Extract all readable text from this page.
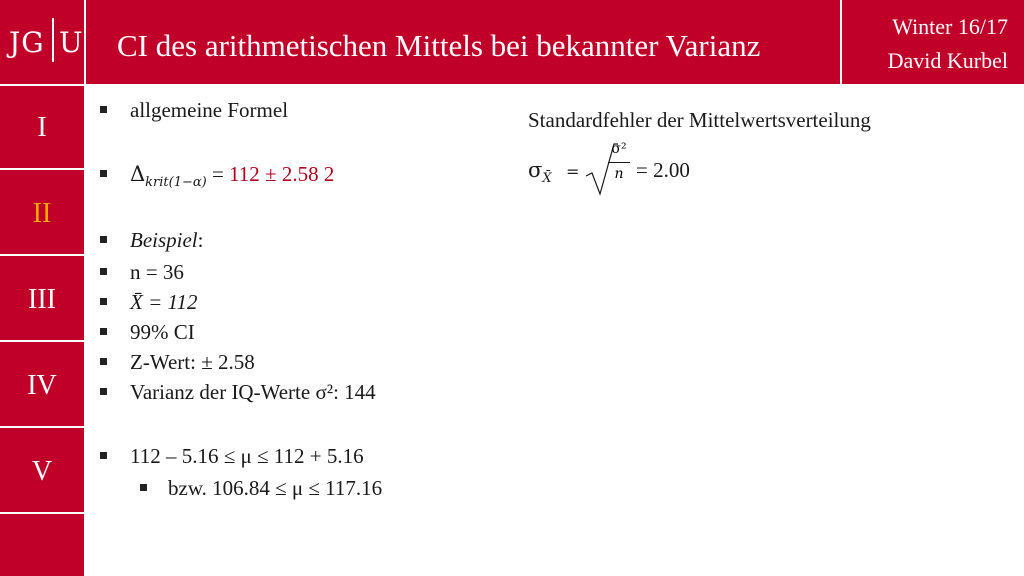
JG U CI des arithmetischen Mittels bei bekannter Varianz
Winter 16/17
David Kurbel
I
II
III
IV
V
allgemeine Formel
$\Delta_{krit(1-\alpha)} = 112 \pm 2.58$ 2
Beispiel:
n = 36
X̄ = 112
99% CI
Z-Wert: ± 2.58
Varianz der IQ-Werte σ²: 144
112 – 5.16 ≤ μ ≤ 112 + 5.16
bzw. 106.84 ≤ μ ≤ 117.16
Standardfehler der Mittelwertsverteilung
$\sigma_{X̄}$ =
σ²
n = 2.00
